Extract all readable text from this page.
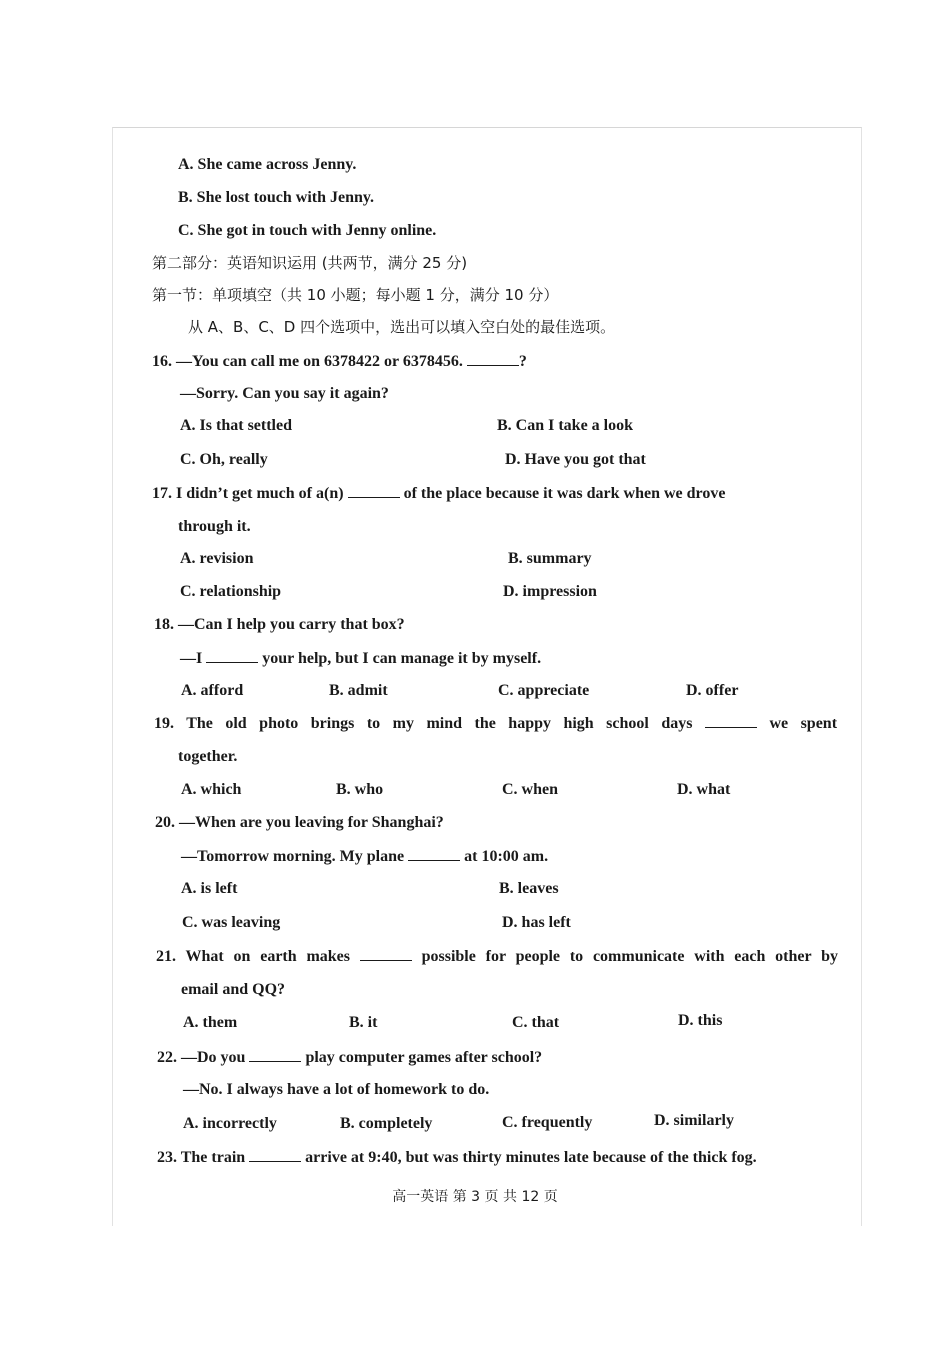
A. She came across Jenny.
B. She lost touch with Jenny.
C. She got in touch with Jenny online.
第二部分：英语知识运用 (共两节，满分 25 分)
第一节：单项填空（共 10 小题；每小题 1 分，满分 10 分）
从 A、B、C、D 四个选项中，选出可以填入空白处的最佳选项。
16. —You can call me on 6378422 or 6378456.	?
—Sorry. Can you say it again?
A. Is that settled	B. Can I take a look
C. Oh, really	D. Have you got that
17. I didn’t get much of a(n)	of the place because it was dark when we drove
through it.
A. revision	B. summary
C. relationship	D. impression
18. —Can I help you carry that box?
—I	your help, but I can manage it by myself.
A. afford	B. admit	C. appreciate	D. offer
19. The old photo brings to my mind the happy high school days	we spent
together.
A. which	B. who	C. when	D. what
20. —When are you leaving for Shanghai?
—Tomorrow morning. My plane	at 10:00 am.
A. is left	B. leaves
C. was leaving	D. has left
21. What on earth makes	possible for people to communicate with each other by
email and QQ?
A. them	B. it	C. that	D. this
22. —Do you	play computer games after school?
—No. I always have a lot of homework to do.
A. incorrectly	B. completely	C. frequently	D. similarly
23. The train	arrive at 9:40, but was thirty minutes late because of the thick fog.
高一英语 第 3 页 共 12 页
